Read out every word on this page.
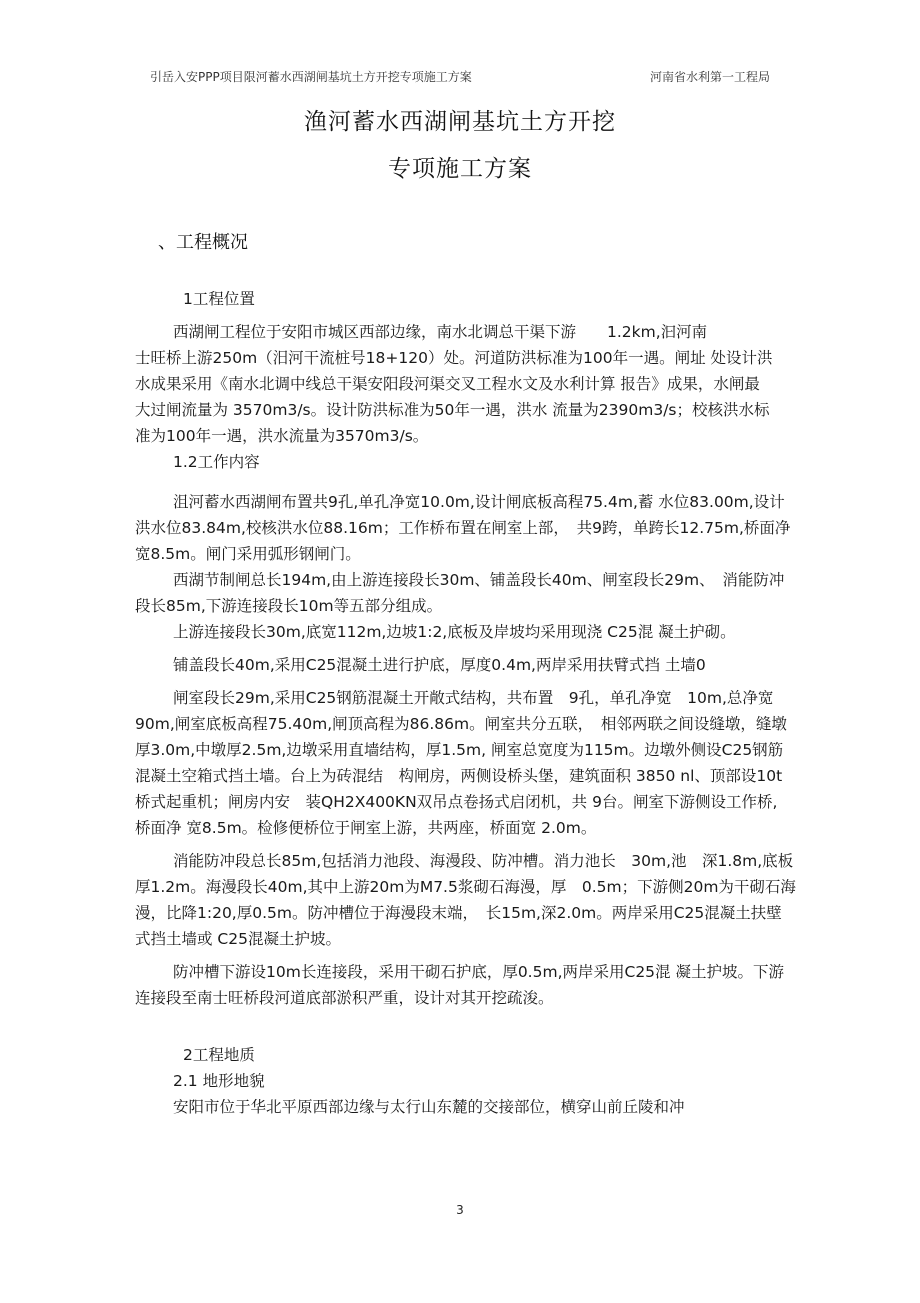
引岳入安PPP项目限河蓄水西湖闸基坑土方开挖专项施工方案	河南省水利第一工程局
渔河蓄水西湖闸基坑土方开挖
专项施工方案
、工程概况
1工程位置
西湖闸工程位于安阳市城区西部边缘，南水北调总干渠下游　　1.2km,汩河南
士旺桥上游250m（汨河干流桩号18+120）处。河道防洪标准为100年一遇。闸址 处设计洪
水成果采用《南水北调中线总干渠安阳段河渠交叉工程水文及水利计算 报告》成果，水闸最
大过闸流量为 3570m3/s。设计防洪标准为50年一遇，洪水 流量为2390m3/s；校核洪水标
准为100年一遇，洪水流量为3570m3/s。
1.2工作内容
沮河蓄水西湖闸布置共9孔,单孔净宽10.0m,设计闸底板高程75.4m,蓄 水位83.00m,设计
洪水位83.84m,校核洪水位88.16m；工作桥布置在闸室上部，　共9跨，单跨长12.75m,桥面净
宽8.5m。闸门采用弧形钢闸门。
西湖节制闸总长194m,由上游连接段长30m、铺盖段长40m、闸室段长29m、　消能防冲
段长85m,下游连接段长10m等五部分组成。
上游连接段长30m,底宽112m,边坡1:2,底板及岸坡均采用现浇 C25混 凝土护砌。
铺盖段长40m,采用C25混凝土进行护底，厚度0.4m,两岸采用扶臂式挡 土墙0
闸室段长29m,采用C25钢筋混凝土开敞式结构，共布置　9孔，单孔净宽　10m,总净宽
90m,闸室底板高程75.40m,闸顶高程为86.86m。闸室共分五联，　相邻两联之间设缝墩，缝墩
厚3.0m,中墩厚2.5m,边墩采用直墙结构，厚1.5m, 闸室总宽度为115m。边墩外侧设C25钢筋
混凝土空箱式挡土墙。台上为砖混结　构闸房，两侧设桥头堡，建筑面积 3850 nl、顶部设10t
桥式起重机；闸房内安　装QH2X400KN双吊点卷扬式启闭机，共 9台。闸室下游侧设工作桥,
桥面净 宽8.5m。检修便桥位于闸室上游，共两座，桥面宽 2.0m。
消能防冲段总长85m,包括消力池段、海漫段、防冲槽。消力池长　30m,池　深1.8m,底板
厚1.2m。海漫段长40m,其中上游20m为M7.5浆砌石海漫，厚　0.5m；下游侧20m为干砌石海
漫，比降1:20,厚0.5m。防冲槽位于海漫段末端，　长15m,深2.0m。两岸采用C25混凝土扶壁
式挡土墙或 C25混凝土护坡。
防冲槽下游设10m长连接段，采用干砌石护底，厚0.5m,两岸采用C25混 凝土护坡。下游
连接段至南士旺桥段河道底部淤积严重，设计对其开挖疏浚。
2工程地质
2.1 地形地貌
安阳市位于华北平原西部边缘与太行山东麓的交接部位，横穿山前丘陵和冲
3
